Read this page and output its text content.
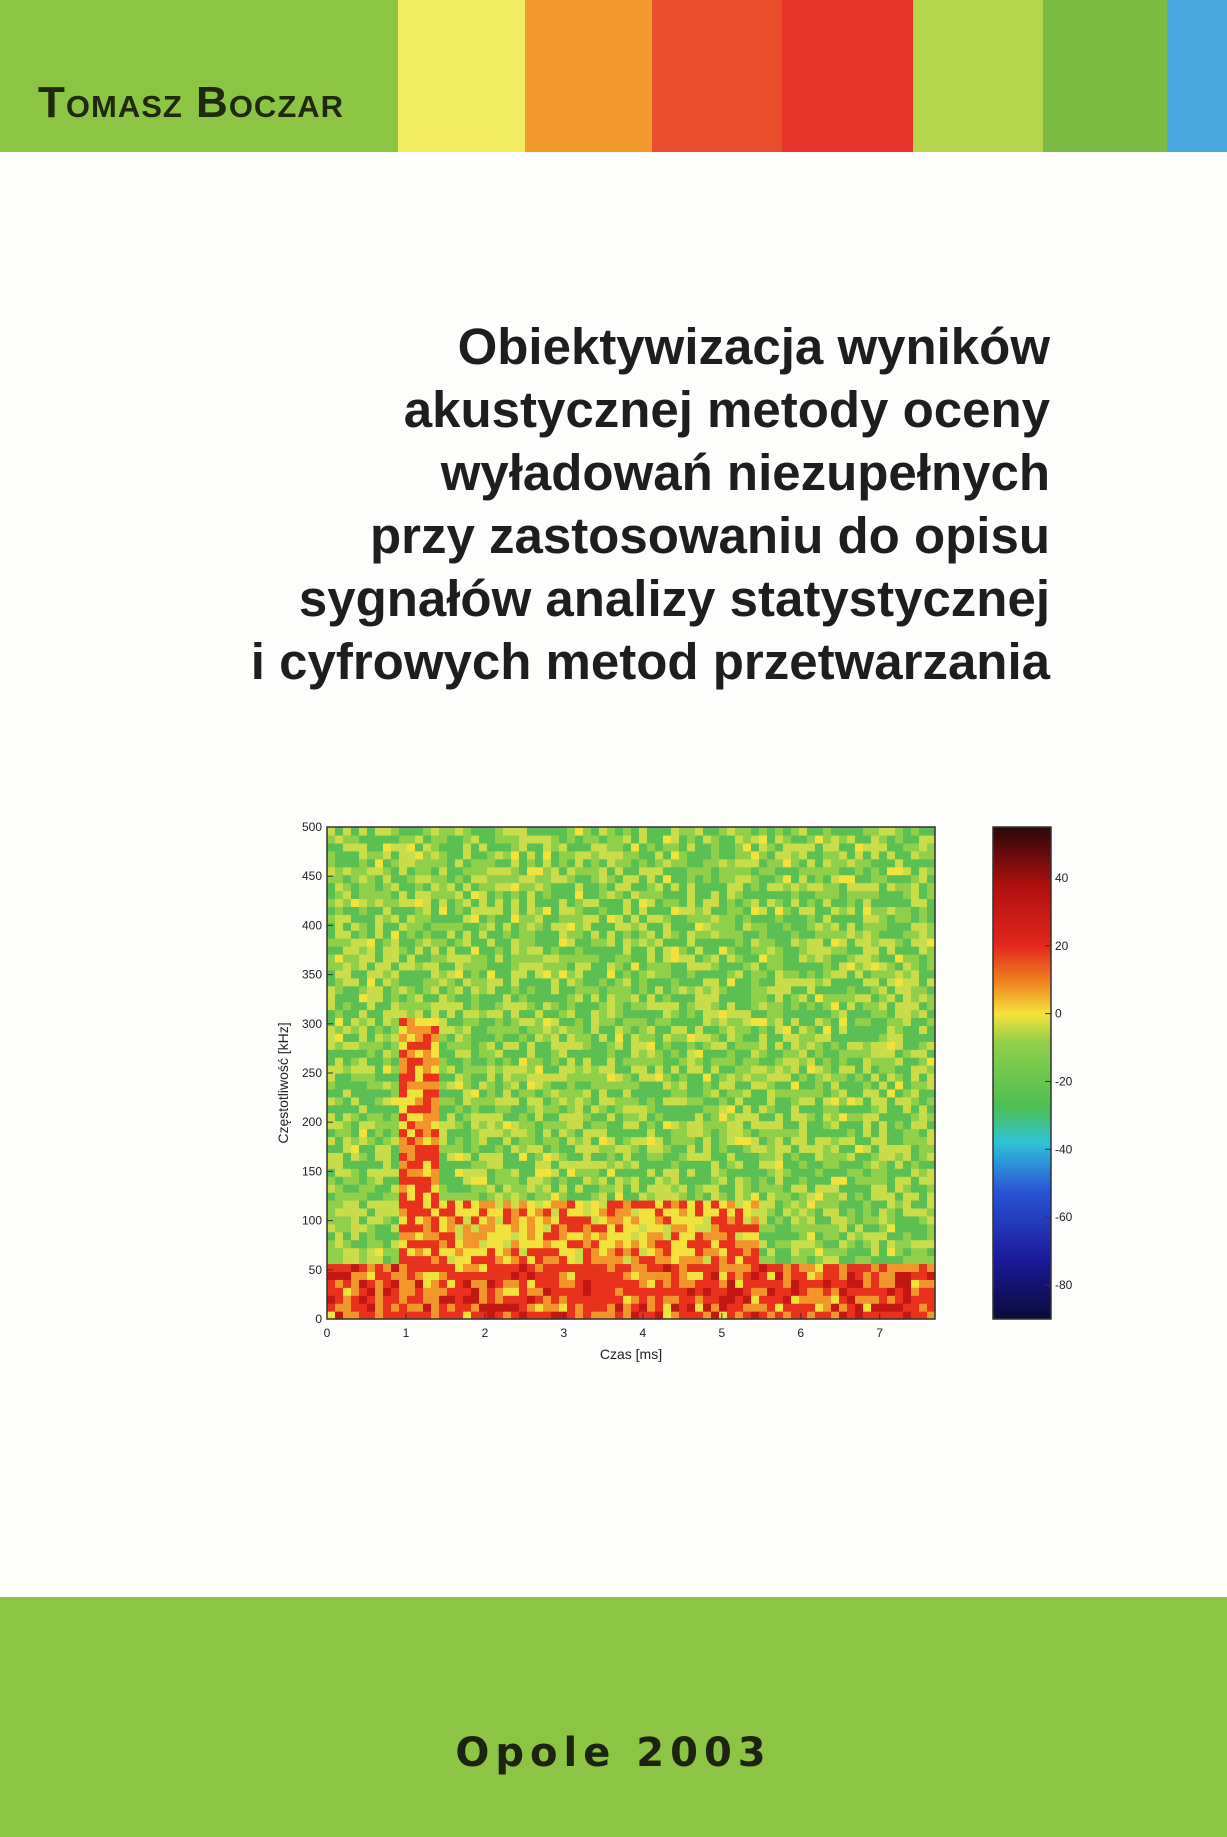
Tomasz Boczar
Obiektywizacja wyników
akustycznej metody oceny
wyładowań niezupełnych
przy zastosowaniu do opisu
sygnałów analizy statystycznej
i cyfrowych metod przetwarzania
0	1	2	3	4	5	6	7
0
50
100
150
200
250
300
350
400
450
500
Czas [ms]
Częstotliwość [kHz]
40
20
0
-20
-40
-60
-80
Opole 2003
